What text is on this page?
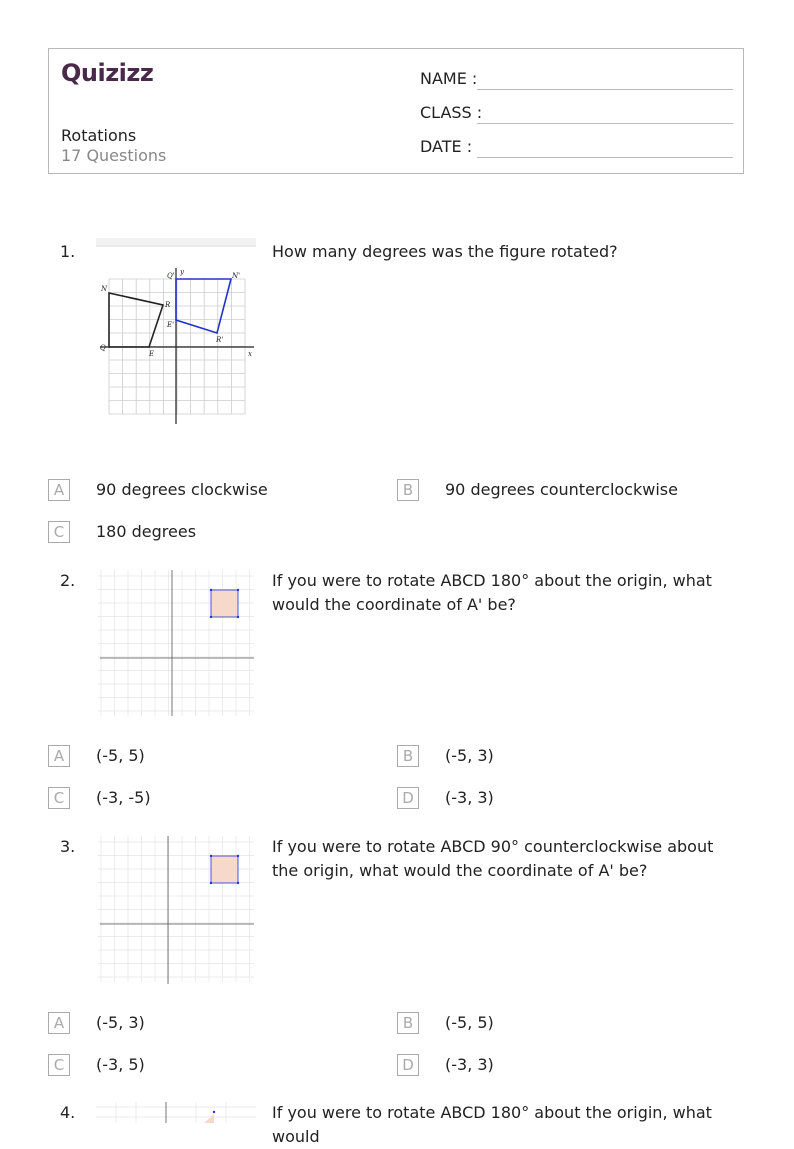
Quizizz
Rotations
17 Questions
NAME :
CLASS :
DATE :
1.
Q
N
R
E
Q'	N'
E'
R'
x
y
How many degrees was the figure rotated?
A	90 degrees clockwise	B	90 degrees counterclockwise
C	180 degrees
2.	If you were to rotate ABCD 180° about the origin, what would the coordinate of A' be?
A	(-5, 5)	B	(-5, 3)
C	(-3, -5)	D	(-3, 3)
3.	If you were to rotate ABCD 90° counterclockwise about the origin, what would the coordinate of A' be?
A	(-5, 3)	B	(-5, 5)
C	(-3, 5)	D	(-3, 3)
4.	If you were to rotate ABCD 180° about the origin, what would
